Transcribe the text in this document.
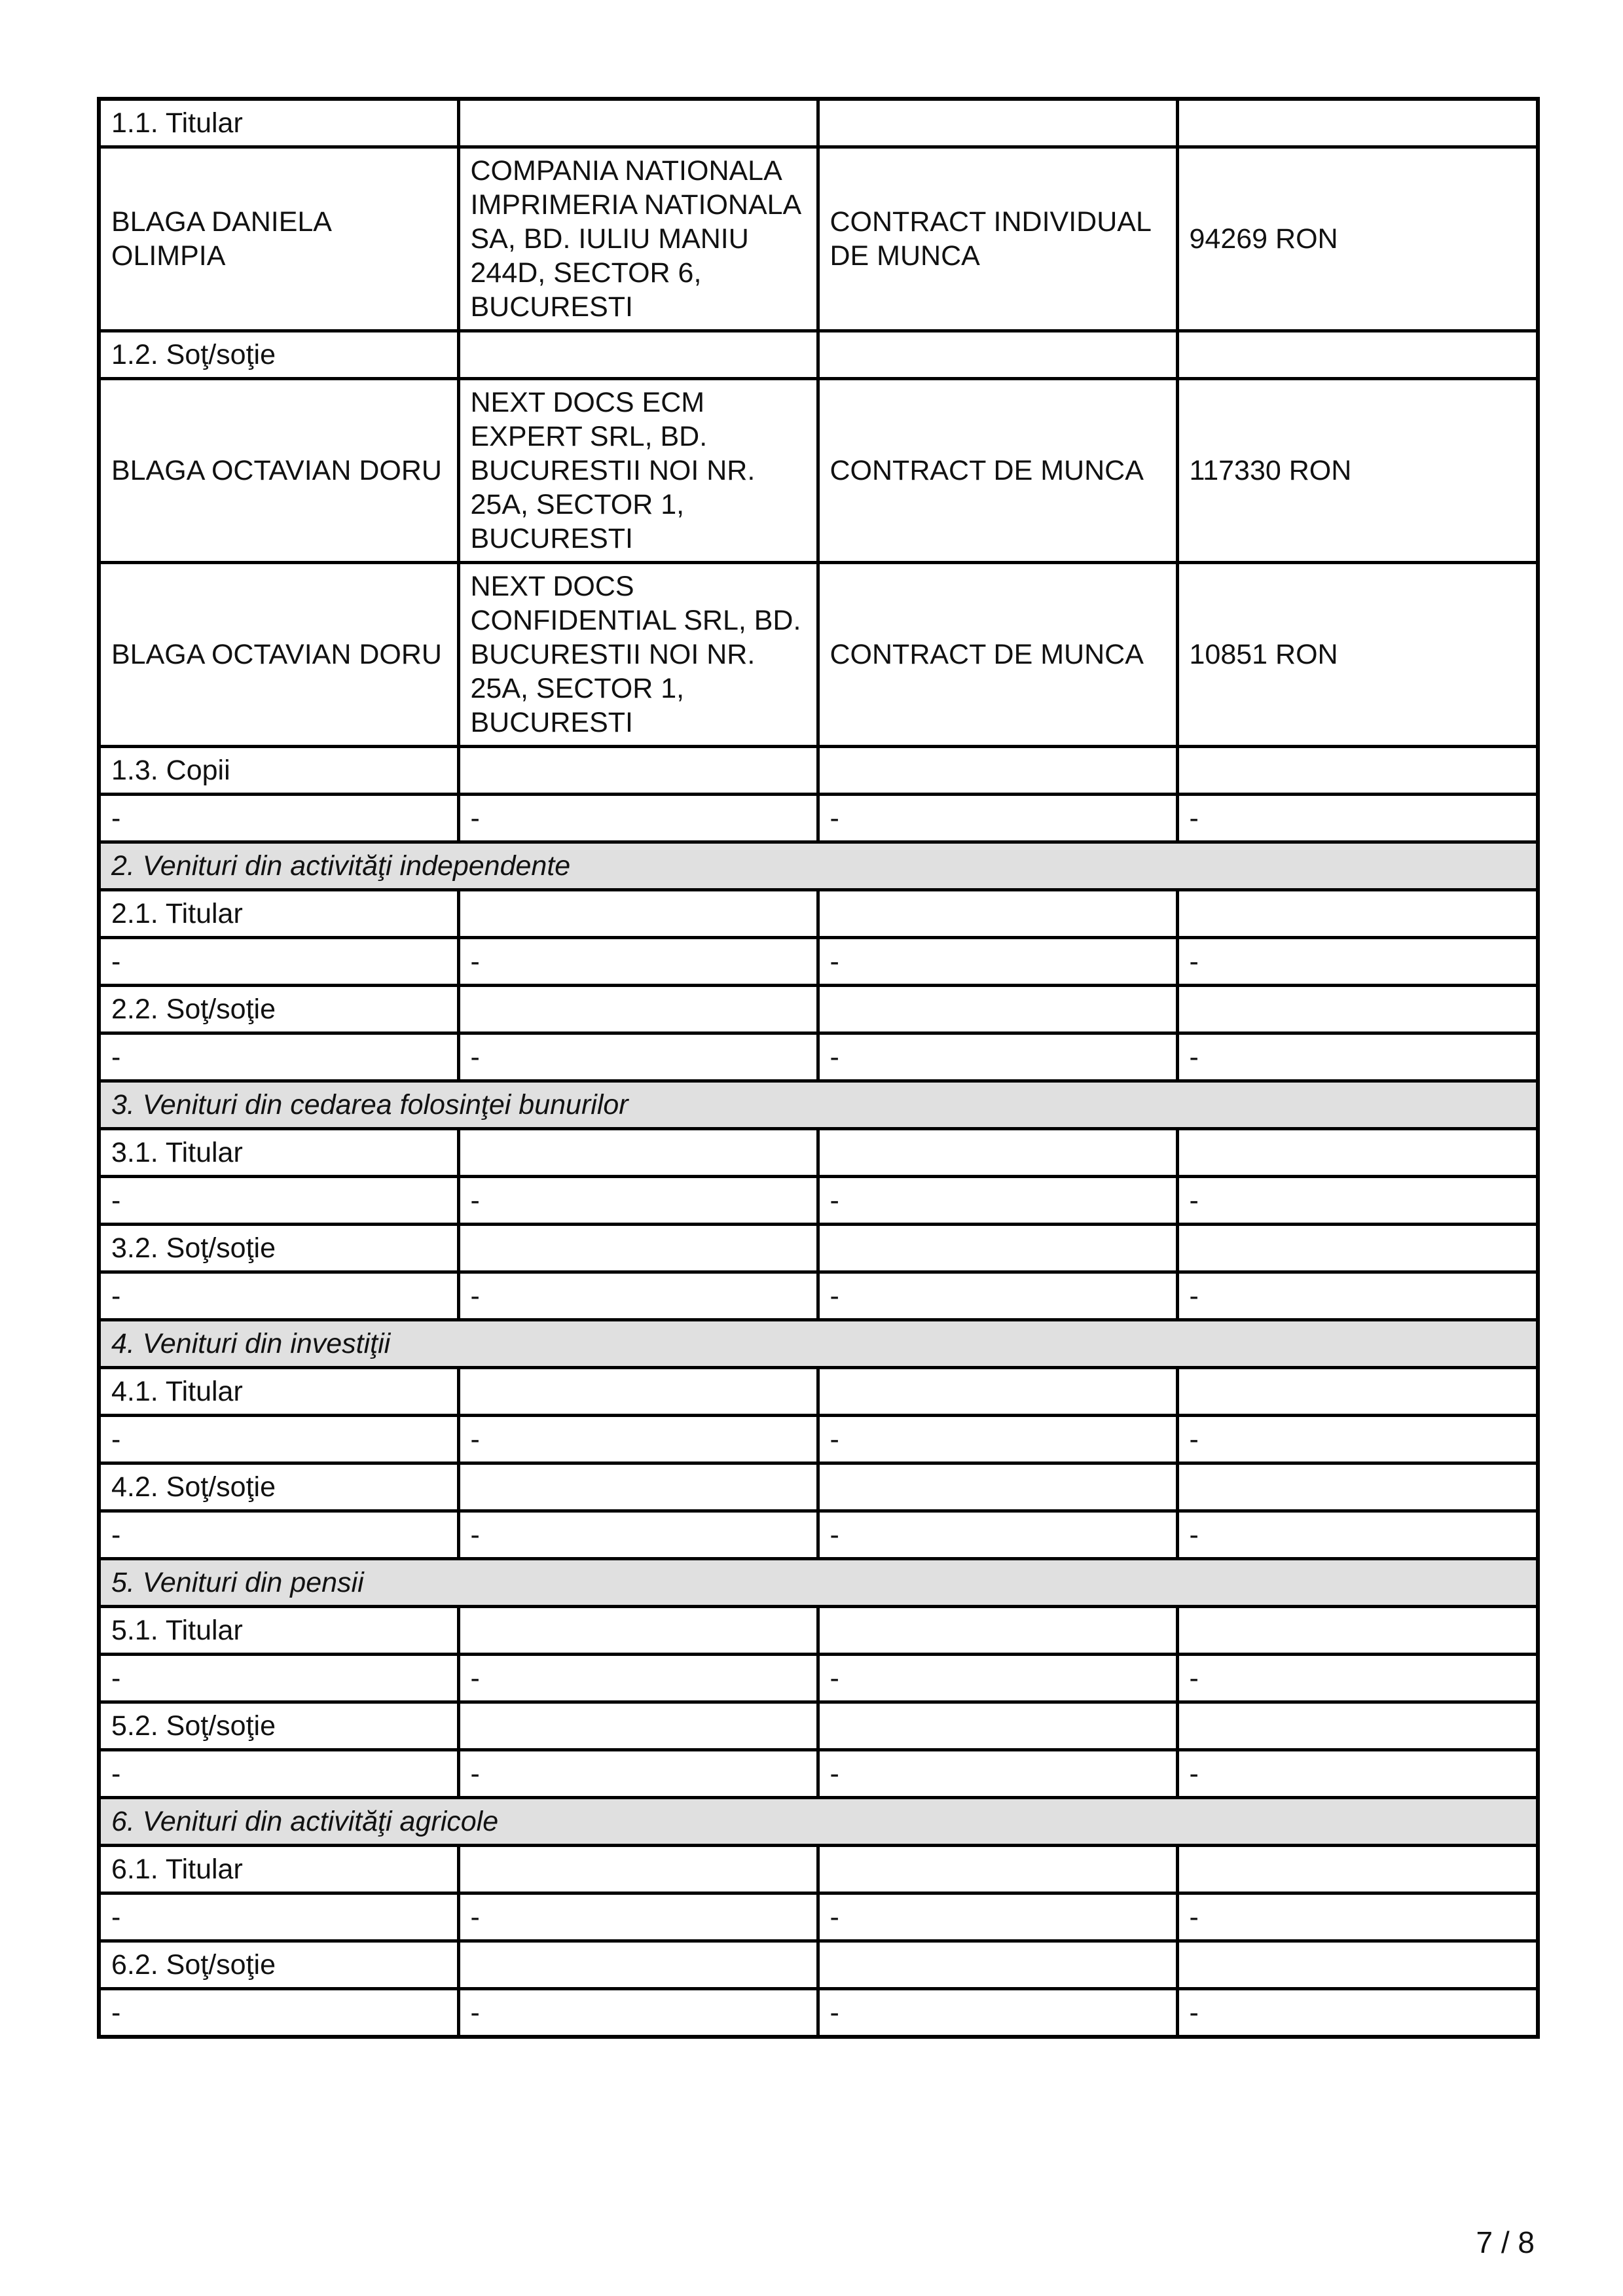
1.1. Titular			
BLAGA DANIELA OLIMPIA	COMPANIA NATIONALA IMPRIMERIA NATIONALA SA, BD. IULIU MANIU 244D, SECTOR 6, BUCURESTI	CONTRACT INDIVIDUAL DE MUNCA	94269 RON
1.2. Soţ/soţie			
BLAGA OCTAVIAN DORU	NEXT DOCS ECM EXPERT SRL, BD. BUCURESTII NOI NR. 25A, SECTOR 1, BUCURESTI	CONTRACT DE MUNCA	117330 RON
BLAGA OCTAVIAN DORU	NEXT DOCS CONFIDENTIAL SRL, BD. BUCURESTII NOI NR. 25A, SECTOR 1, BUCURESTI	CONTRACT DE MUNCA	10851 RON
1.3. Copii			
-	-	-	-
2. Venituri din activităţi independente			
2.1. Titular			
-	-	-	-
2.2. Soţ/soţie			
-	-	-	-
3. Venituri din cedarea folosinţei bunurilor			
3.1. Titular			
-	-	-	-
3.2. Soţ/soţie			
-	-	-	-
4. Venituri din investiţii			
4.1. Titular			
-	-	-	-
4.2. Soţ/soţie			
-	-	-	-
5. Venituri din pensii			
5.1. Titular			
-	-	-	-
5.2. Soţ/soţie			
-	-	-	-
6. Venituri din activităţi agricole			
6.1. Titular			
-	-	-	-
6.2. Soţ/soţie			
-	-	-	-
7 / 8
